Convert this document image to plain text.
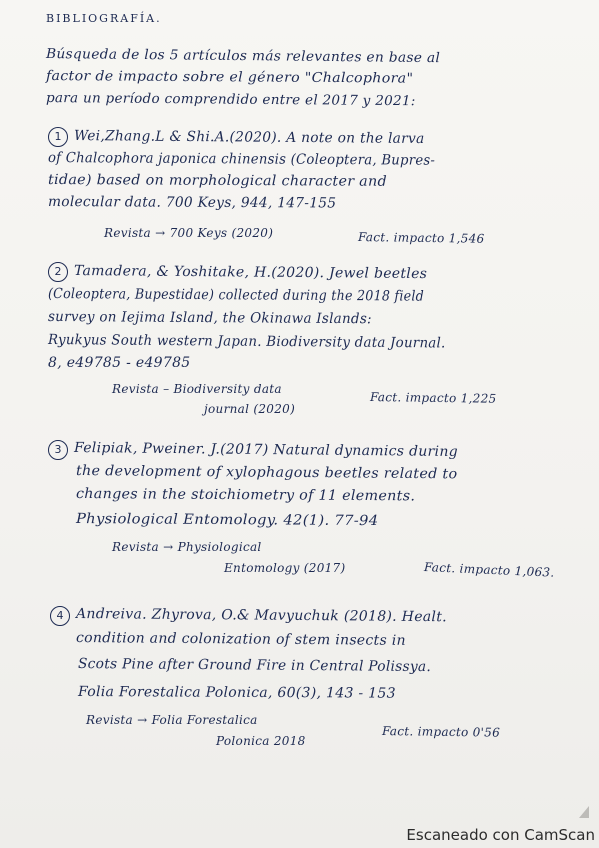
BIBLIOGRAFÍA.
Búsqueda de los 5 artículos más relevantes en base al
factor de impacto sobre el género "Chalcophora"
para un período comprendido entre el 2017 y 2021:
1 Wei,Zhang.L & Shi.A.(2020). A note on the larva
of Chalcophora japonica chinensis (Coleoptera, Bupres-
tidae) based on morphological character and
molecular data. 700 Keys, 944, 147-155
Revista → 700 Keys (2020)	Fact. impacto 1,546
2 Tamadera, & Yoshitake, H.(2020). Jewel beetles
(Coleoptera, Bupestidae) collected during the 2018 field
survey on Iejima Island, the Okinawa Islands:
Ryukyus South western Japan. Biodiversity data Journal.
8, e49785 - e49785
Revista – Biodiversity data
journal (2020)
Fact. impacto 1,225
3 Felipiak, Pweiner. J.(2017) Natural dynamics during
the development of xylophagous beetles related to
changes in the stoichiometry of 11 elements.
Physiological Entomology. 42(1). 77-94
Revista → Physiological
Entomology (2017)	Fact. impacto 1,063.
4 Andreiva. Zhyrova, O.& Mavyuchuk (2018). Healt.
condition and colonization of stem insects in
Scots Pine after Ground Fire in Central Polissya.
Folia Forestalica Polonica, 60(3), 143 - 153
Revista → Folia Forestalica
Polonica 2018
Fact. impacto 0'56
Escaneado con CamScan
